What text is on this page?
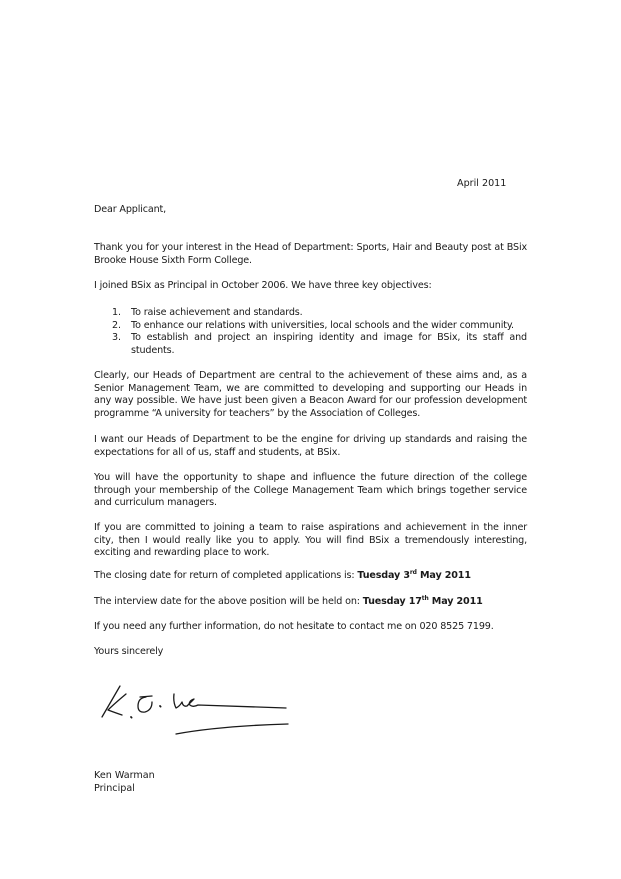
April 2011
Dear Applicant,
Thank you for your interest in the Head of Department: Sports, Hair and Beauty post at BSix Brooke House Sixth Form College.
I joined BSix as Principal in October 2006. We have three key objectives:
1. To raise achievement and standards.
2. To enhance our relations with universities, local schools and the wider community.
3. To establish and project an inspiring identity and image for BSix, its staff and students.
Clearly, our Heads of Department are central to the achievement of these aims and, as a Senior Management Team, we are committed to developing and supporting our Heads in any way possible. We have just been given a Beacon Award for our profession development programme “A university for teachers” by the Association of Colleges.
I want our Heads of Department to be the engine for driving up standards and raising the expectations for all of us, staff and students, at BSix.
You will have the opportunity to shape and influence the future direction of the college through your membership of the College Management Team which brings together service and curriculum managers.
If you are committed to joining a team to raise aspirations and achievement in the inner city, then I would really like you to apply. You will find BSix a tremendously interesting, exciting and rewarding place to work.
The closing date for return of completed applications is: Tuesday 3rd May 2011
The interview date for the above position will be held on: Tuesday 17th May 2011
If you need any further information, do not hesitate to contact me on 020 8525 7199.
Yours sincerely
Ken Warman
Principal
